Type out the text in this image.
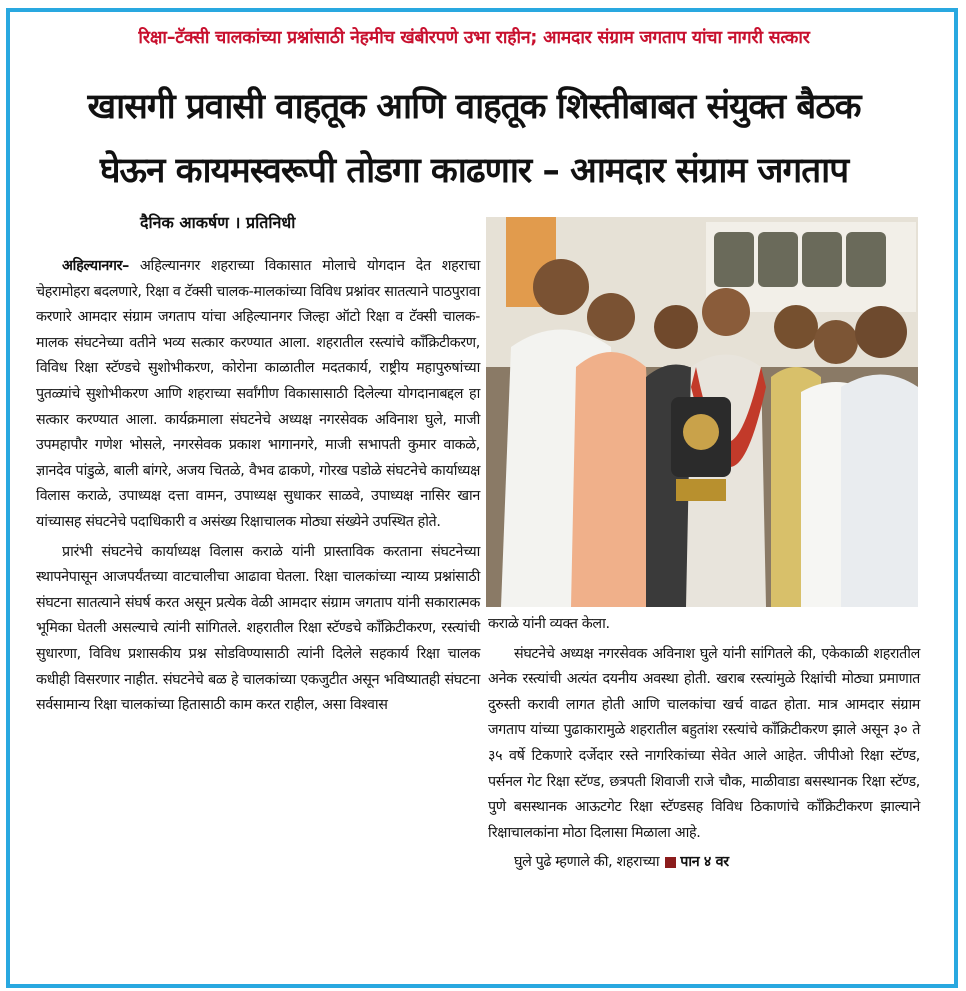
रिक्षा–टॅक्सी चालकांच्या प्रश्नांसाठी नेहमीच खंबीरपणे उभा राहीन; आमदार संग्राम जगताप यांचा नागरी सत्कार
खासगी प्रवासी वाहतूक आणि वाहतूक शिस्तीबाबत संयुक्त बैठक
घेऊन कायमस्वरूपी तोडगा काढणार – आमदार संग्राम जगताप
दैनिक आकर्षण । प्रतिनिधी

अहिल्यानगर– अहिल्यानगर शहराच्या विकासात मोलाचे योगदान देत शहराचा चेहरामोहरा बदलणारे, रिक्षा व टॅक्सी चालक-मालकांच्या विविध प्रश्नांवर सातत्याने पाठपुरावा करणारे आमदार संग्राम जगताप यांचा अहिल्यानगर जिल्हा ऑटो रिक्षा व टॅक्सी चालक-मालक संघटनेच्या वतीने भव्य सत्कार करण्यात आला. शहरातील रस्त्यांचे कॉंक्रिटीकरण, विविध रिक्षा स्टॅण्डचे सुशोभीकरण, कोरोना काळातील मदतकार्य, राष्ट्रीय महापुरुषांच्या पुतळ्यांचे सुशोभीकरण आणि शहराच्या सर्वांगीण विकासासाठी दिलेल्या योगदानाबद्दल हा सत्कार करण्यात आला. कार्यक्रमाला संघटनेचे अध्यक्ष नगरसेवक अविनाश घुले, माजी उपमहापौर गणेश भोसले, नगरसेवक प्रकाश भागानगरे, माजी सभापती कुमार वाकळे, ज्ञानदेव पांडुळे, बाली बांगरे, अजय चितळे, वैभव ढाकणे, गोरख पडोळे संघटनेचे कार्याध्यक्ष विलास कराळे, उपाध्यक्ष दत्ता वामन, उपाध्यक्ष सुधाकर साळवे, उपाध्यक्ष नासिर खान यांच्यासह संघटनेचे पदाधिकारी व असंख्य रिक्षाचालक मोठ्या संख्येने उपस्थित होते.

प्रारंभी संघटनेचे कार्याध्यक्ष विलास कराळे यांनी प्रास्ताविक करताना संघटनेच्या स्थापनेपासून आजपर्यंतच्या वाटचालीचा आढावा घेतला. रिक्षा चालकांच्या न्याय्य प्रश्नांसाठी संघटना सातत्याने संघर्ष करत असून प्रत्येक वेळी आमदार संग्राम जगताप यांनी सकारात्मक भूमिका घेतली असल्याचे त्यांनी सांगितले. शहरातील रिक्षा स्टॅण्डचे कॉंक्रिटीकरण, रस्त्यांची सुधारणा, विविध प्रशासकीय प्रश्न सोडविण्यासाठी त्यांनी दिलेले सहकार्य रिक्षा चालक कधीही विसरणार नाहीत. संघटनेचे बळ हे चालकांच्या एकजुटीत असून भविष्यातही संघटना सर्वसामान्य रिक्षा चालकांच्या हितासाठी काम करत राहील, असा विश्वास

कराळे यांनी व्यक्त केला.

संघटनेचे अध्यक्ष नगरसेवक अविनाश घुले यांनी सांगितले की, एकेकाळी शहरातील अनेक रस्त्यांची अत्यंत दयनीय अवस्था होती. खराब रस्त्यांमुळे रिक्षांची मोठ्या प्रमाणात दुरुस्ती करावी लागत होती आणि चालकांचा खर्च वाढत होता. मात्र आमदार संग्राम जगताप यांच्या पुढाकारामुळे शहरातील बहुतांश रस्त्यांचे कॉंक्रिटीकरण झाले असून ३० ते ३५ वर्षे टिकणारे दर्जेदार रस्ते नागरिकांच्या सेवेत आले आहेत. जीपीओ रिक्षा स्टॅण्ड, पर्सनल गेट रिक्षा स्टॅण्ड, छत्रपती शिवाजी राजे चौक, माळीवाडा बसस्थानक रिक्षा स्टॅण्ड, पुणे बसस्थानक आऊटगेट रिक्षा स्टॅण्डसह विविध ठिकाणांचे कॉंक्रिटीकरण झाल्याने रिक्षाचालकांना मोठा दिलासा मिळाला आहे.

घुले पुढे म्हणाले की, शहराच्या पान ४ वर
